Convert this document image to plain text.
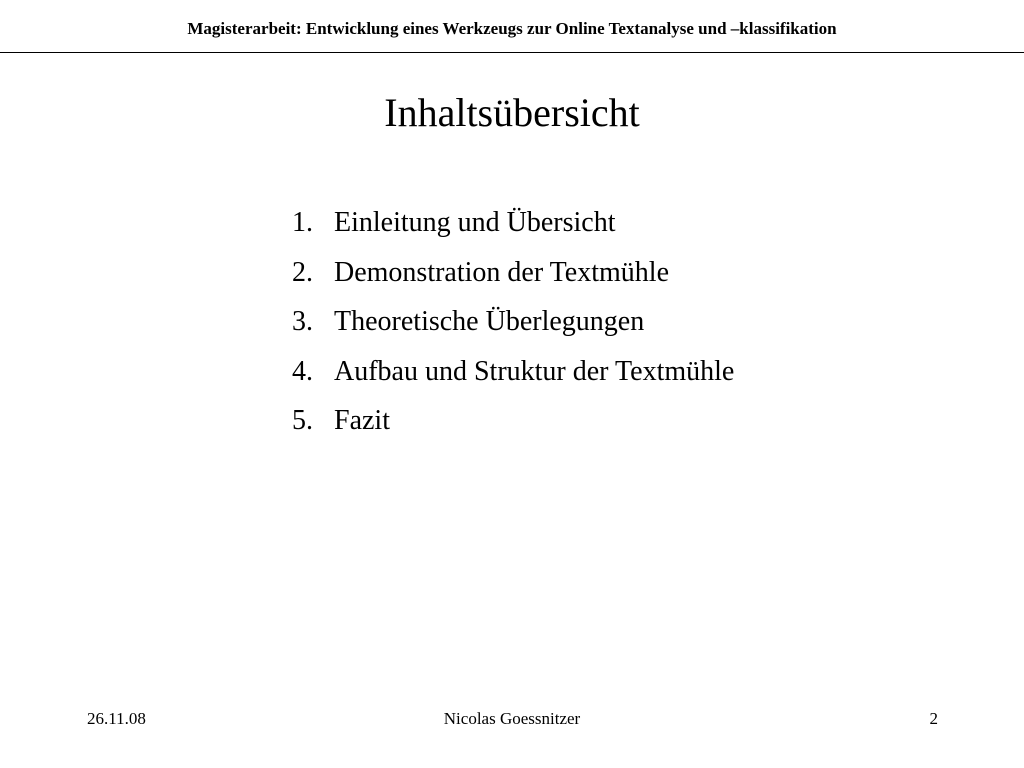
Magisterarbeit: Entwicklung eines Werkzeugs zur Online Textanalyse und –klassifikation
Inhaltsübersicht
1. Einleitung und Übersicht
2. Demonstration der Textmühle
3. Theoretische Überlegungen
4. Aufbau und Struktur der Textmühle
5. Fazit
26.11.08	Nicolas Goessnitzer	2
